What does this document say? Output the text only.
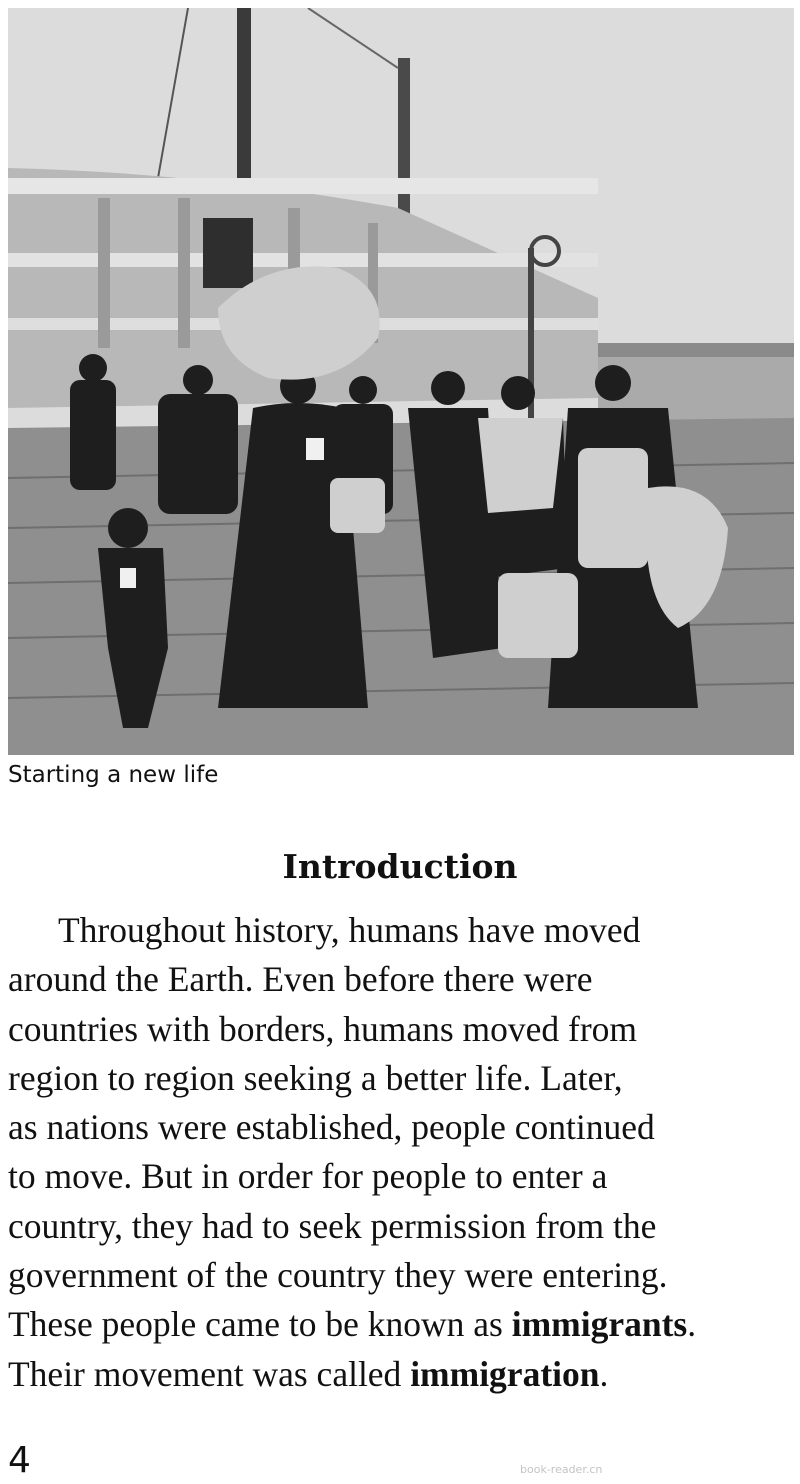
Starting a new life
Introduction
Throughout history, humans have moved
around the Earth. Even before there were
countries with borders, humans moved from
region to region seeking a better life. Later,
as nations were established, people continued
to move. But in order for people to enter a
country, they had to seek permission from the
government of the country they were entering.
These people came to be known as immigrants.
Their movement was called immigration.
4	book-reader.cn
